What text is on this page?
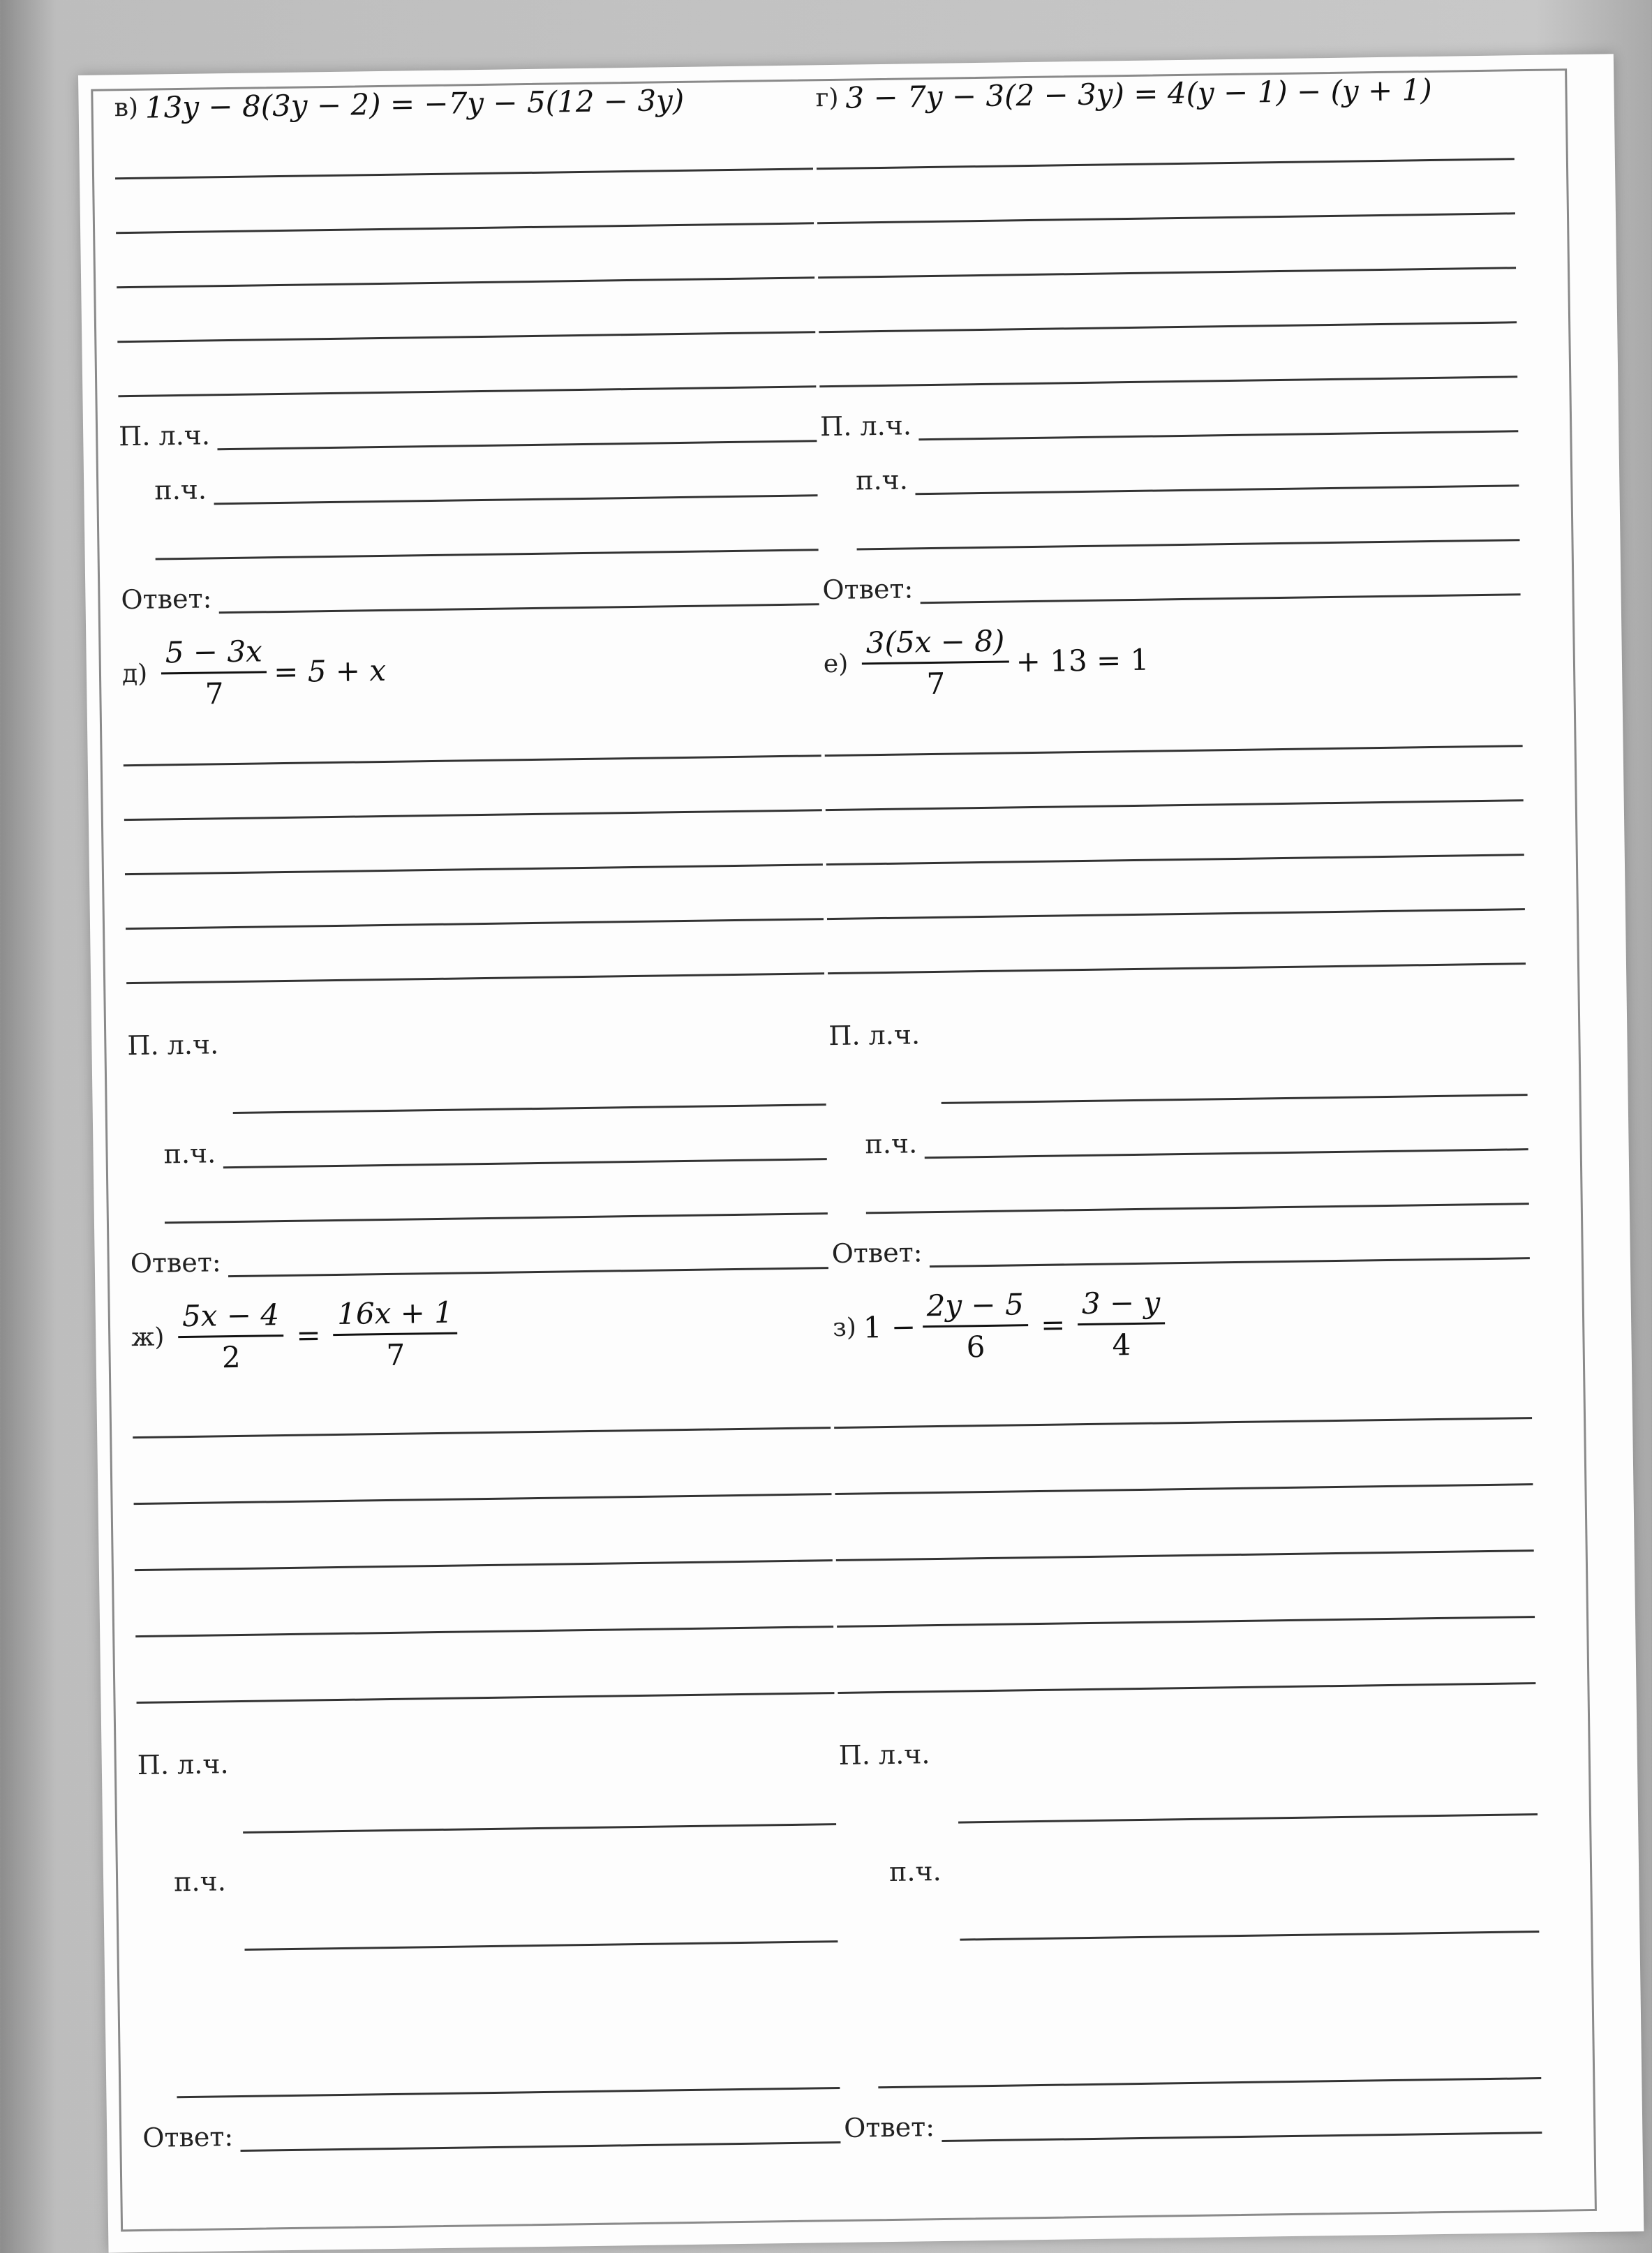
в) 13y − 8(3y − 2) = −7y − 5(12 − 3y)
П. л.ч.
п.ч.
Ответ:
$д) \frac{5 - 3x}{7} = 5 + x$
П. л.ч.
п.ч.
Ответ:
$ж) \frac{5x - 4}{2} = \frac{16x + 1}{7}$
П. л.ч.
п.ч.
Ответ:
г) 3 − 7y − 3(2 − 3y) = 4(y − 1) − (y + 1)
П. л.ч.
п.ч.
Ответ:
$е) \frac{3(5x - 8)}{7} + 13 = 1$
П. л.ч.
п.ч.
Ответ:
з) $1 - \frac{2y - 5}{6} = \frac{3 - y}{4}$
П. л.ч.
п.ч.
Ответ:
